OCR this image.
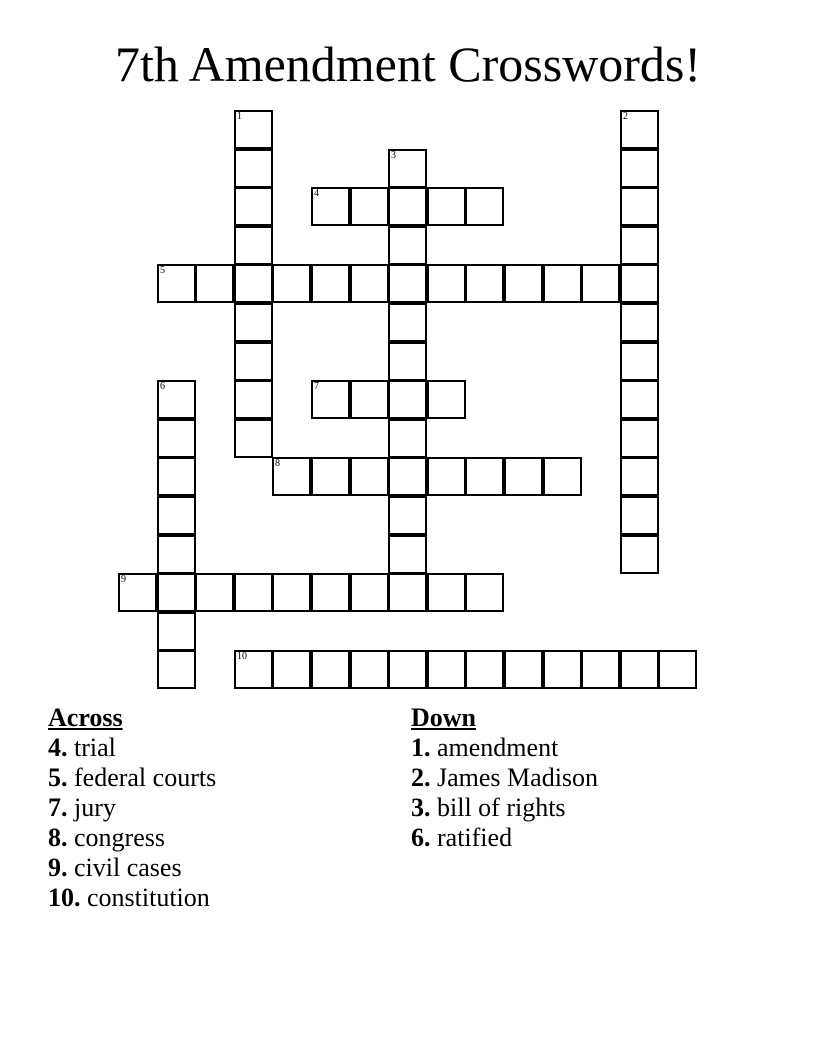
7th Amendment Crosswords!
1	2
3
4
5
6	7
8
9
10
Across
4. trial
5. federal courts
7. jury
8. congress
9. civil cases
10. constitution
Down
1. amendment
2. James Madison
3. bill of rights
6. ratified
